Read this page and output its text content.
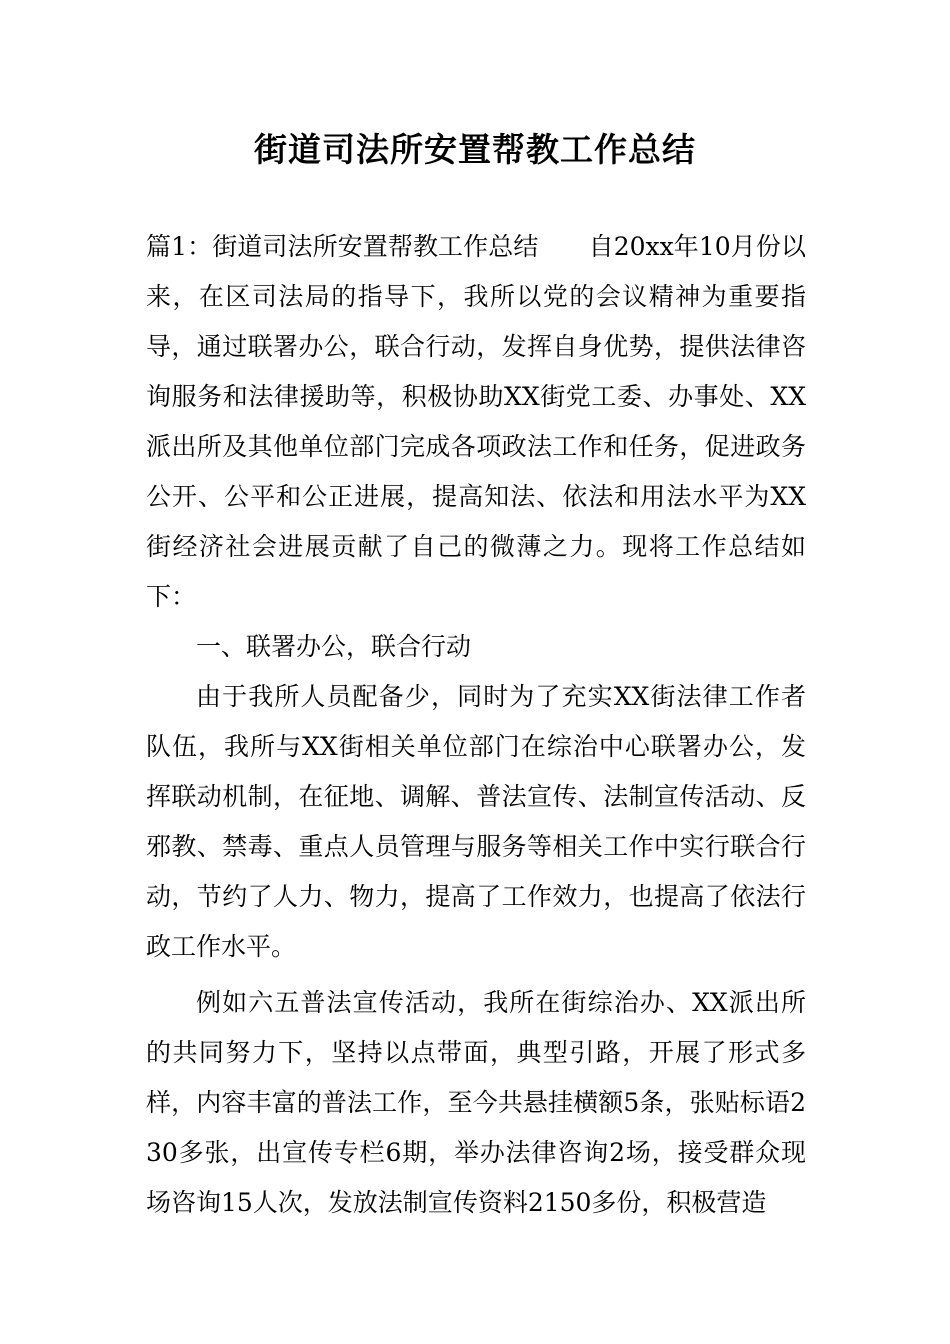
街道司法所安置帮教工作总结

篇1：街道司法所安置帮教工作总结　　自20xx年10月份以来，在区司法局的指导下，我所以党的会议精神为重要指导，通过联署办公，联合行动，发挥自身优势，提供法律咨询服务和法律援助等，积极协助XX街党工委、办事处、XX派出所及其他单位部门完成各项政法工作和任务，促进政务公开、公平和公正进展，提高知法、依法和用法水平为XX街经济社会进展贡献了自己的微薄之力。现将工作总结如下：

一、联署办公，联合行动

由于我所人员配备少，同时为了充实XX街法律工作者队伍，我所与XX街相关单位部门在综治中心联署办公，发挥联动机制，在征地、调解、普法宣传、法制宣传活动、反邪教、禁毒、重点人员管理与服务等相关工作中实行联合行动，节约了人力、物力，提高了工作效力，也提高了依法行政工作水平。

例如六五普法宣传活动，我所在街综治办、XX派出所的共同努力下，坚持以点带面，典型引路，开展了形式多样，内容丰富的普法工作，至今共悬挂横额5条，张贴标语230多张，出宣传专栏6期，举办法律咨询2场，接受群众现场咨询15人次，发放法制宣传资料2150多份，积极营造
